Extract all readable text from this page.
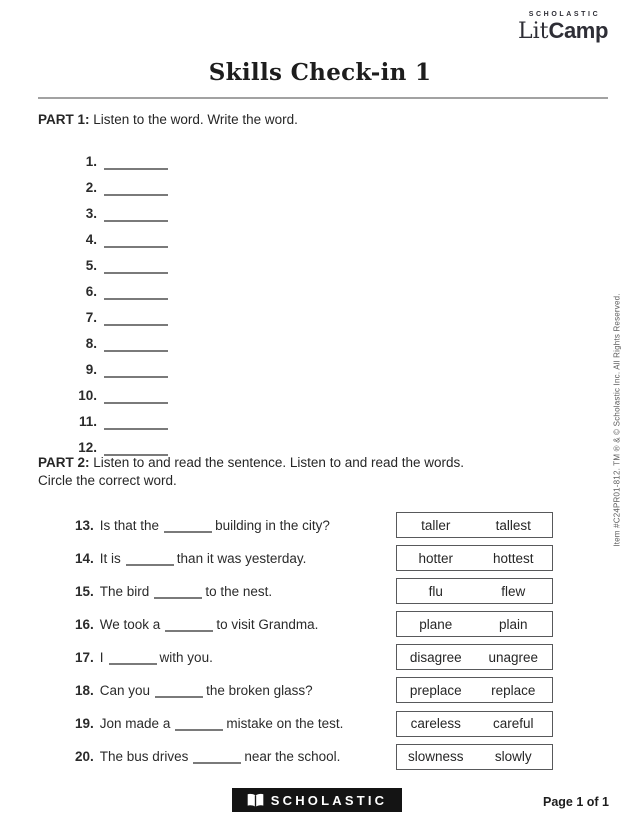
SCHOLASTIC
LitCamp
Skills Check-in 1
PART 1: Listen to the word. Write the word.
1.
2.
3.
4.
5.
6.
7.
8.
9.
10.
11.
12.
PART 2: Listen to and read the sentence. Listen to and read the words.
Circle the correct word.
13. Is that the	building in the city?	taller	tallest
14. It is	than it was yesterday.	hotter	hottest
15. The bird	to the nest.	flu	flew
16. We took a	to visit Grandma.	plane	plain
17. I	with you.	disagree	unagree
18. Can you	the broken glass?	preplace	replace
19. Jon made a	mistake on the test.	careless	careful
20. The bus drives	near the school.	slowness	slowly
Item #C24PR01-812. TM ® & © Scholastic Inc. All Rights Reserved.
SCHOLASTIC	Page 1 of 1
